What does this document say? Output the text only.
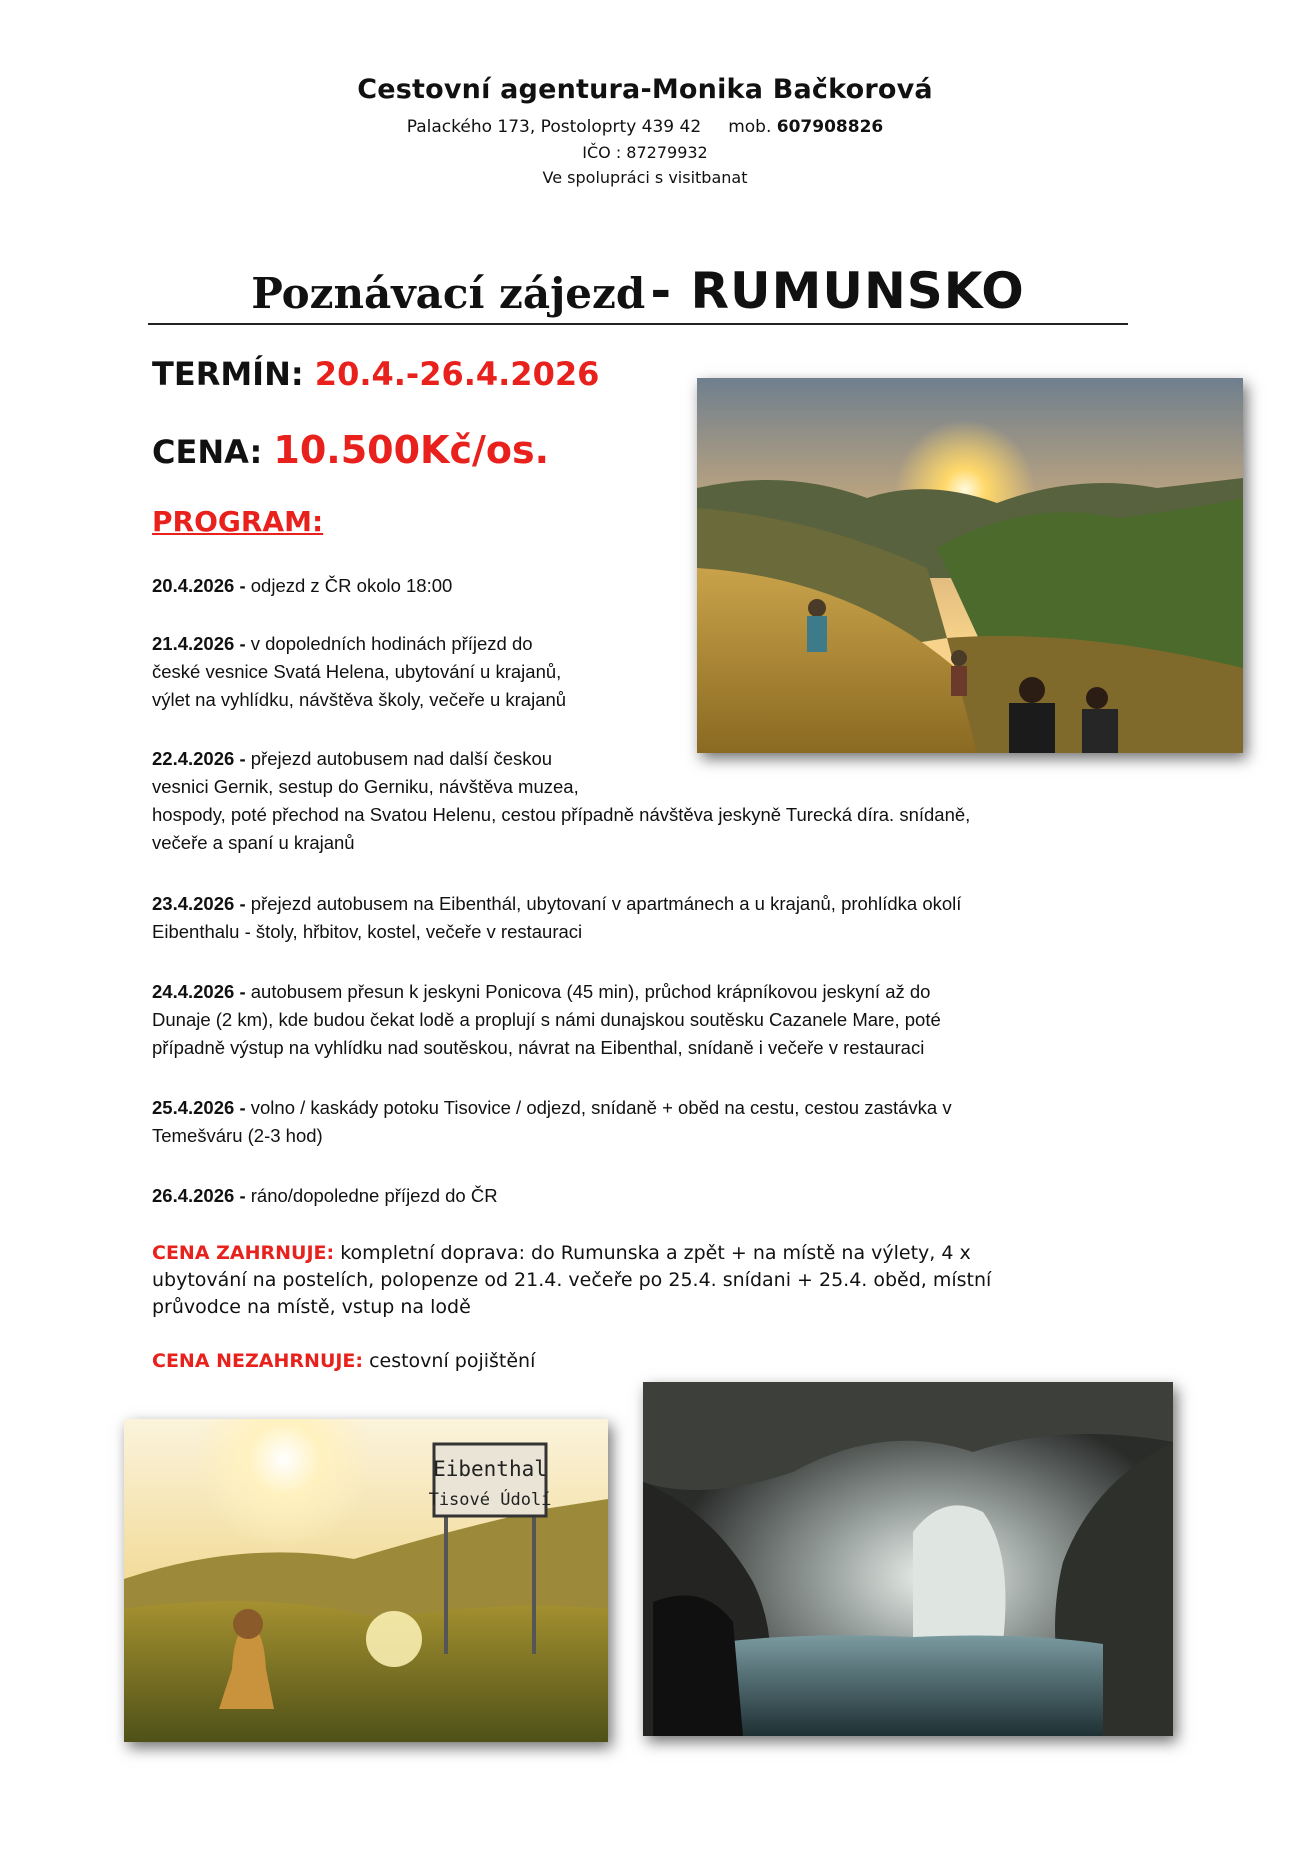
Cestovní agentura-Monika Bačkorová
Palackého 173, Postoloprty 439 42 mob. 607908826
IČO : 87279932
Ve spolupráci s visitbanat
Poznávací zájezd - RUMUNSKO
TERMÍN: 20.4.-26.4.2026
CENA: 10.500Kč/os.
PROGRAM:
20.4.2026 - odjezd z ČR okolo 18:00
21.4.2026 - v dopoledních hodinách příjezd do
české vesnice Svatá Helena, ubytování u krajanů,
výlet na vyhlídku, návštěva školy, večeře u krajanů
22.4.2026 - přejezd autobusem nad další českou
vesnici Gernik, sestup do Gerniku, návštěva muzea,
hospody, poté přechod na Svatou Helenu, cestou případně návštěva jeskyně Turecká díra. snídaně,
večeře a spaní u krajanů
23.4.2026 - přejezd autobusem na Eibenthál, ubytovaní v apartmánech a u krajanů, prohlídka okolí
Eibenthalu - štoly, hřbitov, kostel, večeře v restauraci
24.4.2026 - autobusem přesun k jeskyni Ponicova (45 min), průchod krápníkovou jeskyní až do
Dunaje (2 km), kde budou čekat lodě a proplují s námi dunajskou soutěsku Cazanele Mare, poté
případně výstup na vyhlídku nad soutěskou, návrat na Eibenthal, snídaně i večeře v restauraci
25.4.2026 - volno / kaskády potoku Tisovice / odjezd, snídaně + oběd na cestu, cestou zastávka v
Temešváru (2-3 hod)
26.4.2026 - ráno/dopoledne příjezd do ČR
CENA ZAHRNUJE: kompletní doprava: do Rumunska a zpět + na místě na výlety, 4 x
ubytování na postelích, polopenze od 21.4. večeře po 25.4. snídani + 25.4. oběd, místní
průvodce na místě, vstup na lodě
CENA NEZAHRNUJE: cestovní pojištění
Eibenthal
Tisové Údolí
